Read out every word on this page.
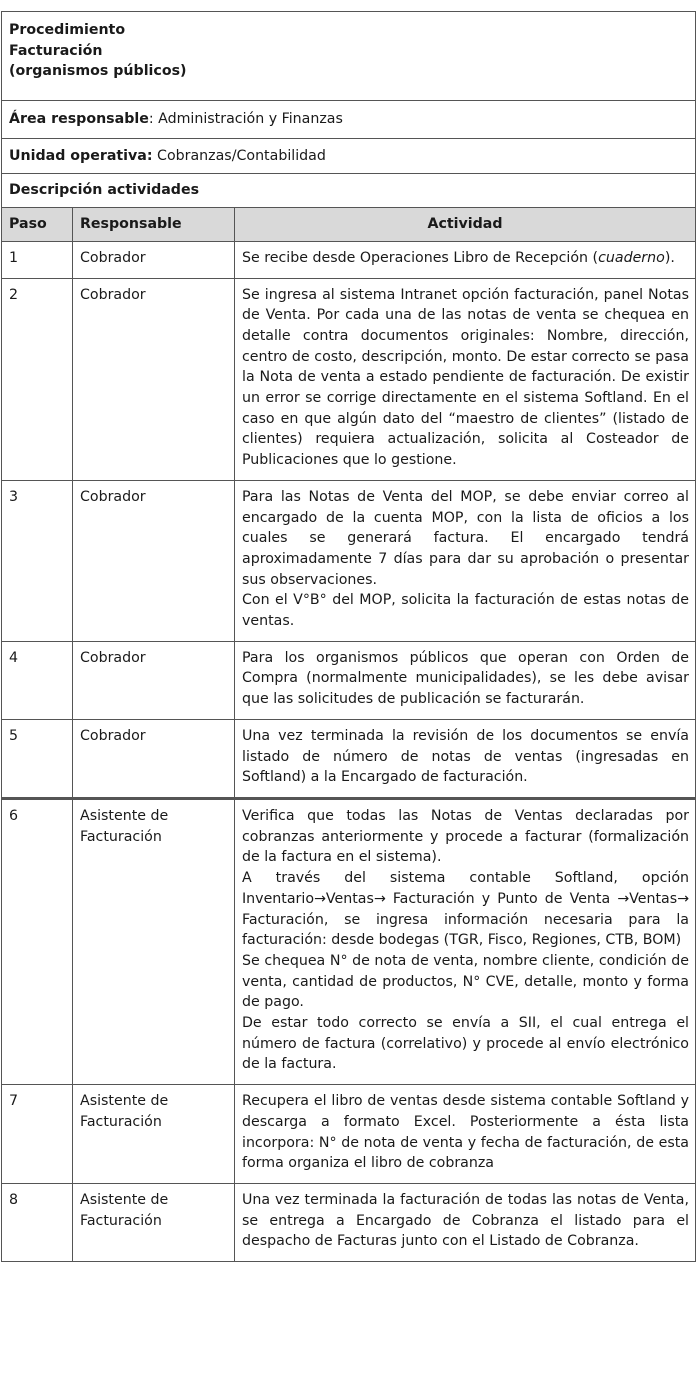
Procedimiento
Facturación
(organismos públicos)		

Área responsable: Administración y Finanzas		
Unidad operativa: Cobranzas/Contabilidad		
Descripción actividades		
Paso	Responsable	Actividad
1	Cobrador	Se recibe desde Operaciones Libro de Recepción (cuaderno).

2	Cobrador	Se ingresa al sistema Intranet opción facturación, panel Notas de Venta. Por cada una de las notas de venta se chequea en detalle contra documentos originales: Nombre, dirección, centro de costo, descripción, monto. De estar correcto se pasa la Nota de venta a estado pendiente de facturación. De existir un error se corrige directamente en el sistema Softland. En el caso en que algún dato del “maestro de clientes” (listado de clientes) requiera actualización, solicita al Costeador de Publicaciones que lo gestione.

3	Cobrador	Para las Notas de Venta del MOP, se debe enviar correo al encargado de la cuenta MOP, con la lista de oficios a los cuales se generará factura. El encargado tendrá aproximadamente 7 días para dar su aprobación o presentar sus observaciones.

Con el V°B° del MOP, solicita la facturación de estas notas de ventas.

4	Cobrador	Para los organismos públicos que operan con Orden de Compra (normalmente municipalidades), se les debe avisar que las solicitudes de publicación se facturarán.

5	Cobrador	Una vez terminada la revisión de los documentos se envía listado de número de notas de ventas (ingresadas en Softland) a la Encargado de facturación.

6	Asistente de Facturación	Verifica que todas las Notas de Ventas declaradas por cobranzas anteriormente y procede a facturar (formalización de la factura en el sistema).

A través del sistema contable Softland, opción Inventario→Ventas→ Facturación y Punto de Venta →Ventas→ Facturación, se ingresa información necesaria para la facturación: desde bodegas (TGR, Fisco, Regiones, CTB, BOM)

Se chequea N° de nota de venta, nombre cliente, condición de venta, cantidad de productos, N° CVE, detalle, monto y forma de pago.

De estar todo correcto se envía a SII, el cual entrega el número de factura (correlativo) y procede al envío electrónico de la factura.

7	Asistente de Facturación	Recupera el libro de ventas desde sistema contable Softland y descarga a formato Excel. Posteriormente a ésta lista incorpora: N° de nota de venta y fecha de facturación, de esta forma organiza el libro de cobranza

8	Asistente de Facturación	Una vez terminada la facturación de todas las notas de Venta, se entrega a Encargado de Cobranza el listado para el despacho de Facturas junto con el Listado de Cobranza.
